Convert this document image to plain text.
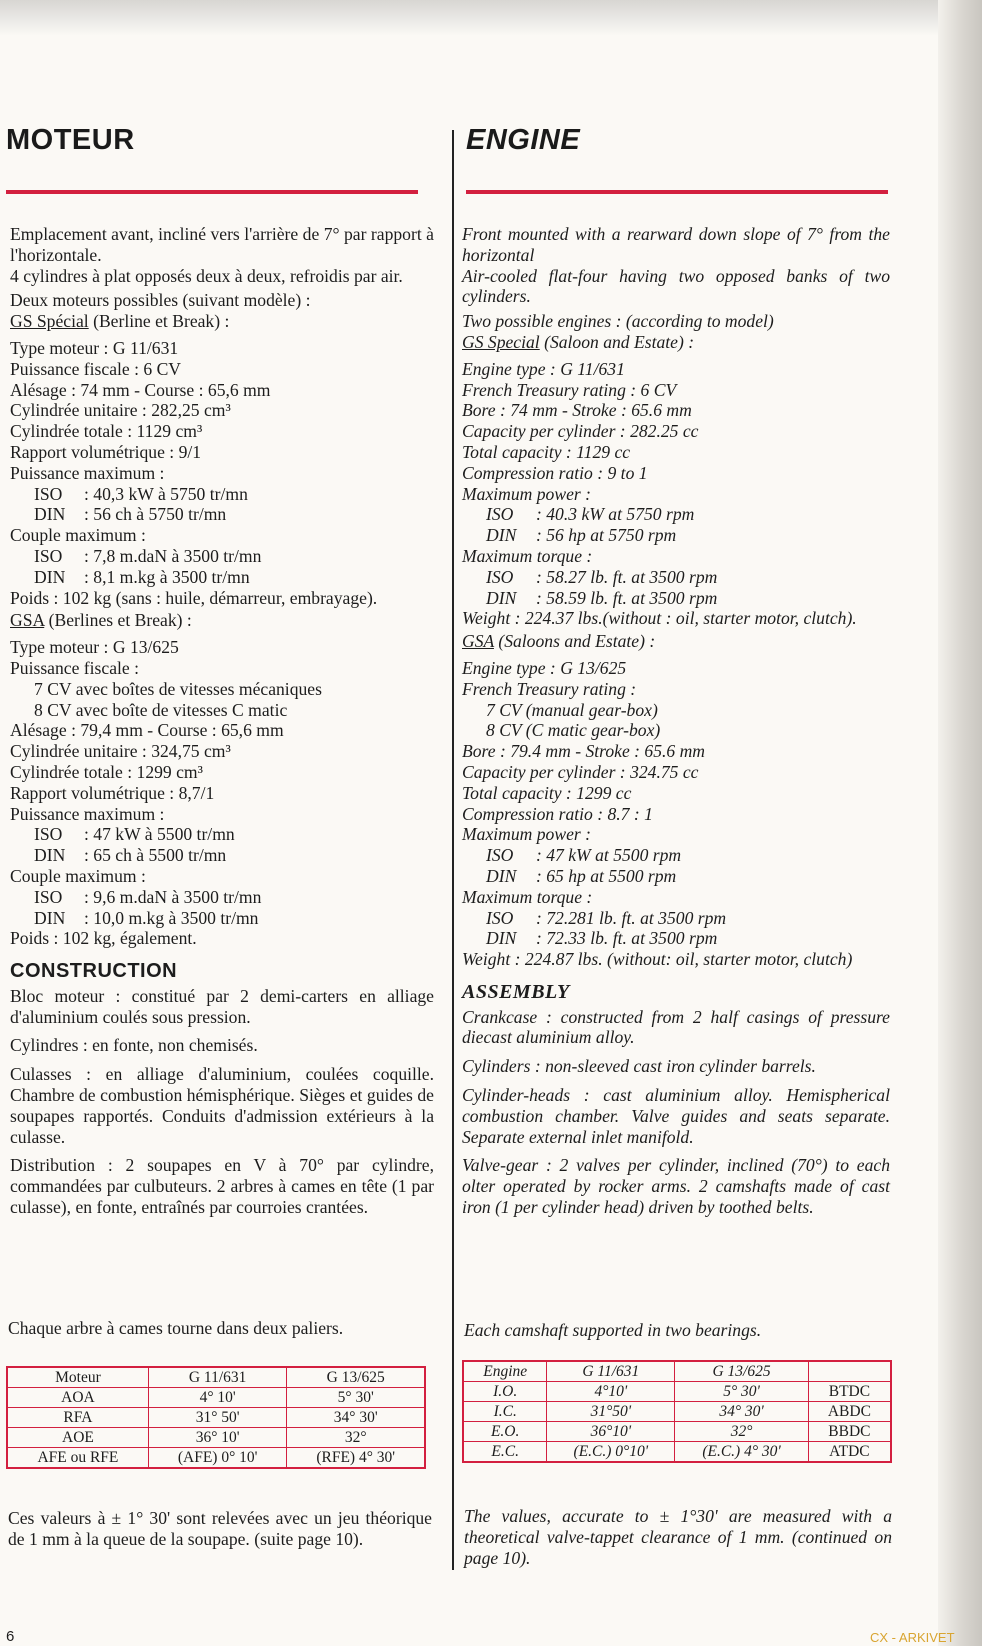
MOTEUR

Emplacement avant, incliné vers l'arrière de 7° par rapport à l'horizontale.

4 cylindres à plat opposés deux à deux, refroidis par air.

Deux moteurs possibles (suivant modèle) :

GS Spécial (Berline et Break) :

Type moteur : G 11/631

Puissance fiscale : 6 CV

Alésage : 74 mm - Course : 65,6 mm

Cylindrée unitaire : 282,25 cm³

Cylindrée totale : 1129 cm³

Rapport volumétrique : 9/1

Puissance maximum :

ISO : 40,3 kW à 5750 tr/mn

DIN : 56 ch à 5750 tr/mn

Couple maximum :

ISO : 7,8 m.daN à 3500 tr/mn

DIN : 8,1 m.kg à 3500 tr/mn

Poids : 102 kg (sans : huile, démarreur, embrayage).

GSA (Berlines et Break) :

Type moteur : G 13/625

Puissance fiscale :

7 CV avec boîtes de vitesses mécaniques

8 CV avec boîte de vitesses C matic

Alésage : 79,4 mm - Course : 65,6 mm

Cylindrée unitaire : 324,75 cm³

Cylindrée totale : 1299 cm³

Rapport volumétrique : 8,7/1

Puissance maximum :

ISO : 47 kW à 5500 tr/mn

DIN : 65 ch à 5500 tr/mn

Couple maximum :

ISO : 9,6 m.daN à 3500 tr/mn

DIN : 10,0 m.kg à 3500 tr/mn

Poids : 102 kg, également.

CONSTRUCTION

Bloc moteur : constitué par 2 demi-carters en alliage d'aluminium coulés sous pression.

Cylindres : en fonte, non chemisés.

Culasses : en alliage d'aluminium, coulées coquille. Chambre de combustion hémisphérique. Sièges et guides de soupapes rapportés. Conduits d'admission extérieurs à la culasse.

Distribution : 2 soupapes en V à 70° par cylindre, commandées par culbuteurs. 2 arbres à cames en tête (1 par culasse), en fonte, entraînés par courroies crantées.

Chaque arbre à cames tourne dans deux paliers.

Moteur	G 11/631	G 13/625
AOA	4° 10'	5° 30'
RFA	31° 50'	34° 30'
AOE	36° 10'	32°
AFE ou RFE	(AFE) 0° 10'	(RFE) 4° 30'

Ces valeurs à ± 1° 30' sont relevées avec un jeu théorique de 1 mm à la queue de la soupape. (suite page 10).

ENGINE

Front mounted with a rearward down slope of 7° from the horizontal

Air-cooled flat-four having two opposed banks of two cylinders.

Two possible engines : (according to model)

GS Special (Saloon and Estate) :

Engine type : G 11/631

French Treasury rating : 6 CV

Bore : 74 mm - Stroke : 65.6 mm

Capacity per cylinder : 282.25 cc

Total capacity : 1129 cc

Compression ratio : 9 to 1

Maximum power :

ISO : 40.3 kW at 5750 rpm

DIN : 56 hp at 5750 rpm

Maximum torque :

ISO : 58.27 lb. ft. at 3500 rpm

DIN : 58.59 lb. ft. at 3500 rpm

Weight : 224.37 lbs.(without : oil, starter motor, clutch).

GSA (Saloons and Estate) :

Engine type : G 13/625

French Treasury rating :

7 CV (manual gear-box)

8 CV (C matic gear-box)

Bore : 79.4 mm - Stroke : 65.6 mm

Capacity per cylinder : 324.75 cc

Total capacity : 1299 cc

Compression ratio : 8.7 : 1

Maximum power :

ISO : 47 kW at 5500 rpm

DIN : 65 hp at 5500 rpm

Maximum torque :

ISO : 72.281 lb. ft. at 3500 rpm

DIN : 72.33 lb. ft. at 3500 rpm

Weight : 224.87 lbs. (without: oil, starter motor, clutch)

ASSEMBLY

Crankcase : constructed from 2 half casings of pressure diecast aluminium alloy.

Cylinders : non-sleeved cast iron cylinder barrels.

Cylinder-heads : cast aluminium alloy. Hemispherical combustion chamber. Valve guides and seats separate. Separate external inlet manifold.

Valve-gear : 2 valves per cylinder, inclined (70°) to each olter operated by rocker arms. 2 camshafts made of cast iron (1 per cylinder head) driven by toothed belts.

Each camshaft supported in two bearings.

Engine	G 11/631	G 13/625	
I.O.	4°10'	5° 30'	BTDC
I.C.	31°50'	34° 30'	ABDC
E.O.	36°10'	32°	BBDC
E.C.	(E.C.) 0°10'	(E.C.) 4° 30'	ATDC

The values, accurate to ± 1°30' are measured with a theoretical valve-tappet clearance of 1 mm. (continued on page 10).

6	CX - ARKIVET
